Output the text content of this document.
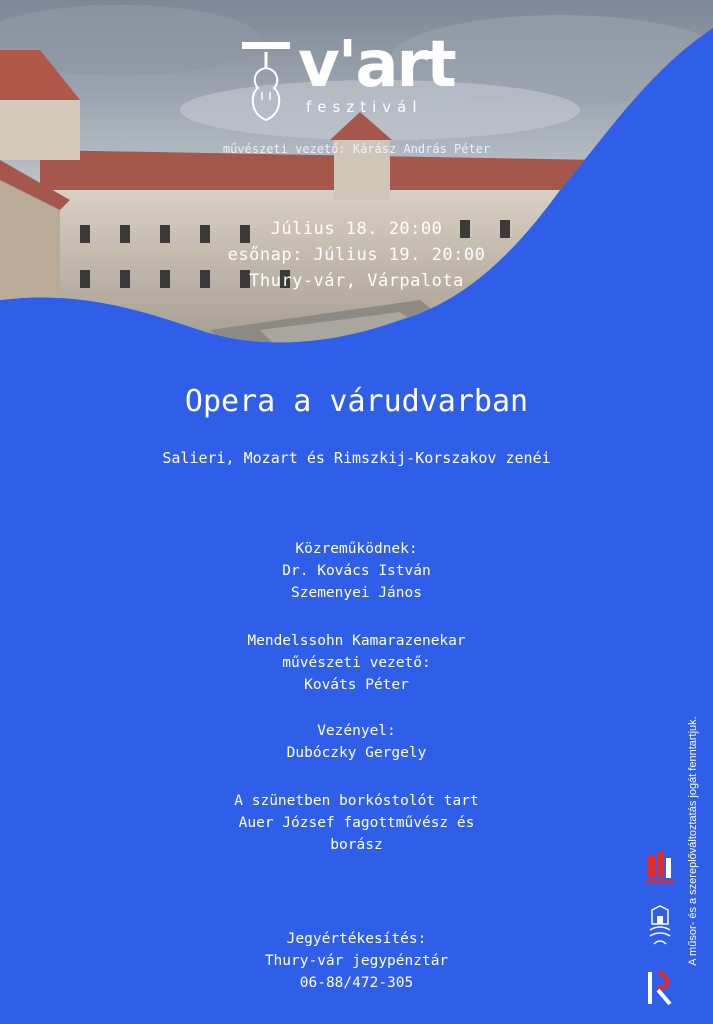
v'art
fesztivál
művészeti vezető: Kárász András Péter
Július 18. 20:00
esőnap: Július 19. 20:00
Thury-vár, Várpalota
Opera a várudvarban
Salieri, Mozart és Rimszkij-Korszakov zenéi
Közreműködnek:
Dr. Kovács István
Szemenyei János
Mendelssohn Kamarazenekar
művészeti vezető:
Kováts Péter
Vezényel:
Dubóczky Gergely
A szünetben borkóstolót tart
Auer József fagottművész és
borász
Jegyértékesítés:
Thury-vár jegypénztár
06-88/472-305
A műsor- és a szereplőváltoztatás jogát fenntartjuk.
